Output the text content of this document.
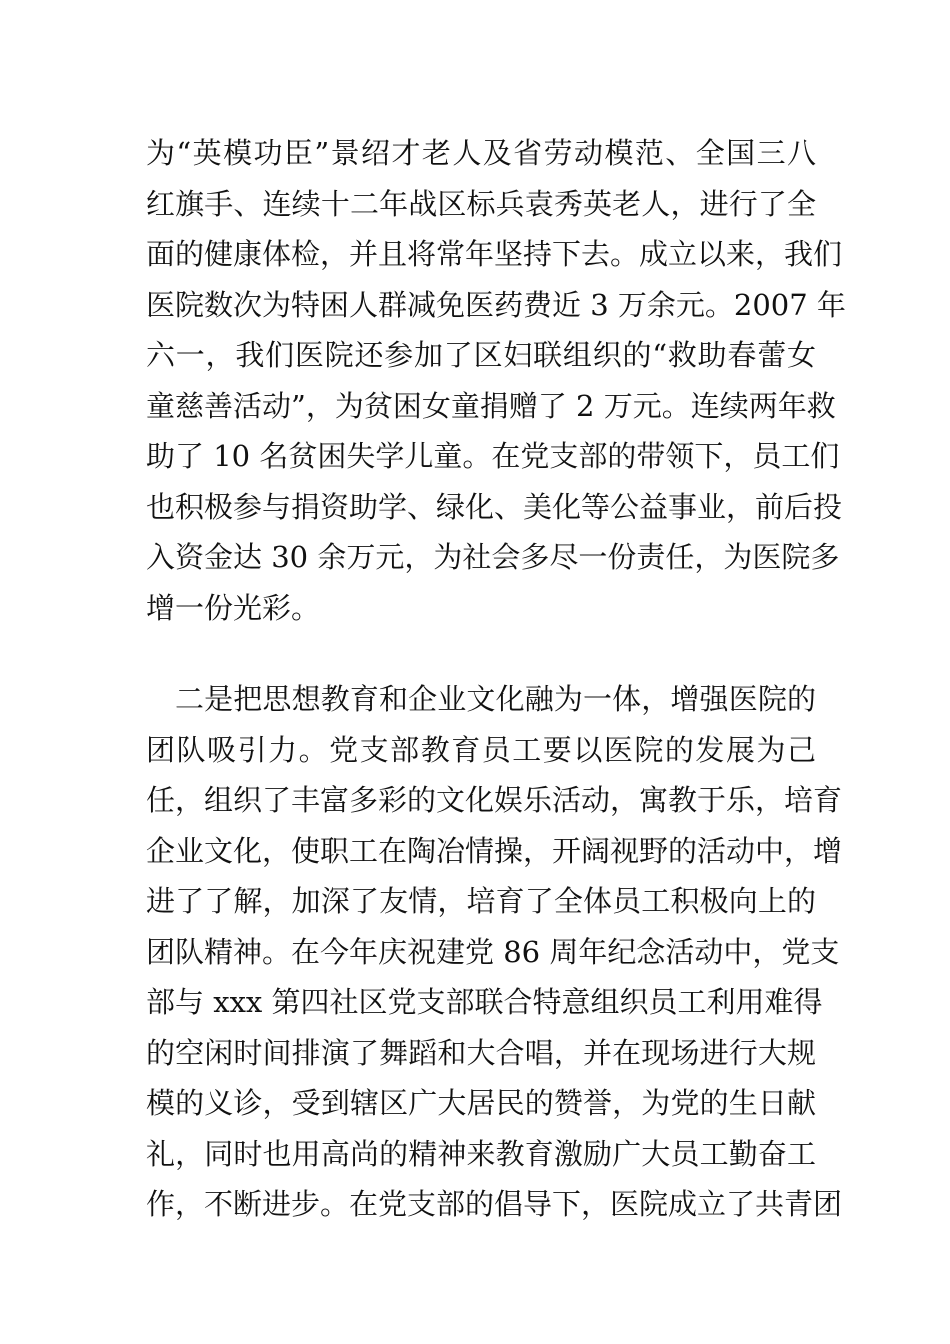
为“英模功臣”景绍才老人及省劳动模范、全国三八
红旗手、连续十二年战区标兵袁秀英老人，进行了全
面的健康体检，并且将常年坚持下去。成立以来，我们
医院数次为特困人群减免医药费近 3 万余元。2007 年
六一，我们医院还参加了区妇联组织的“救助春蕾女
童慈善活动”，为贫困女童捐赠了 2 万元。连续两年救
助了 10 名贫困失学儿童。在党支部的带领下，员工们
也积极参与捐资助学、绿化、美化等公益事业，前后投
入资金达 30 余万元，为社会多尽一份责任，为医院多
增一份光彩。

二是把思想教育和企业文化融为一体，增强医院的
团队吸引力。党支部教育员工要以医院的发展为己
任，组织了丰富多彩的文化娱乐活动，寓教于乐，培育
企业文化，使职工在陶冶情操，开阔视野的活动中，增
进了了解，加深了友情，培育了全体员工积极向上的
团队精神。在今年庆祝建党 86 周年纪念活动中，党支
部与 xxx 第四社区党支部联合特意组织员工利用难得
的空闲时间排演了舞蹈和大合唱，并在现场进行大规
模的义诊，受到辖区广大居民的赞誉，为党的生日献
礼，同时也用高尚的精神来教育激励广大员工勤奋工
作，不断进步。在党支部的倡导下，医院成立了共青团
